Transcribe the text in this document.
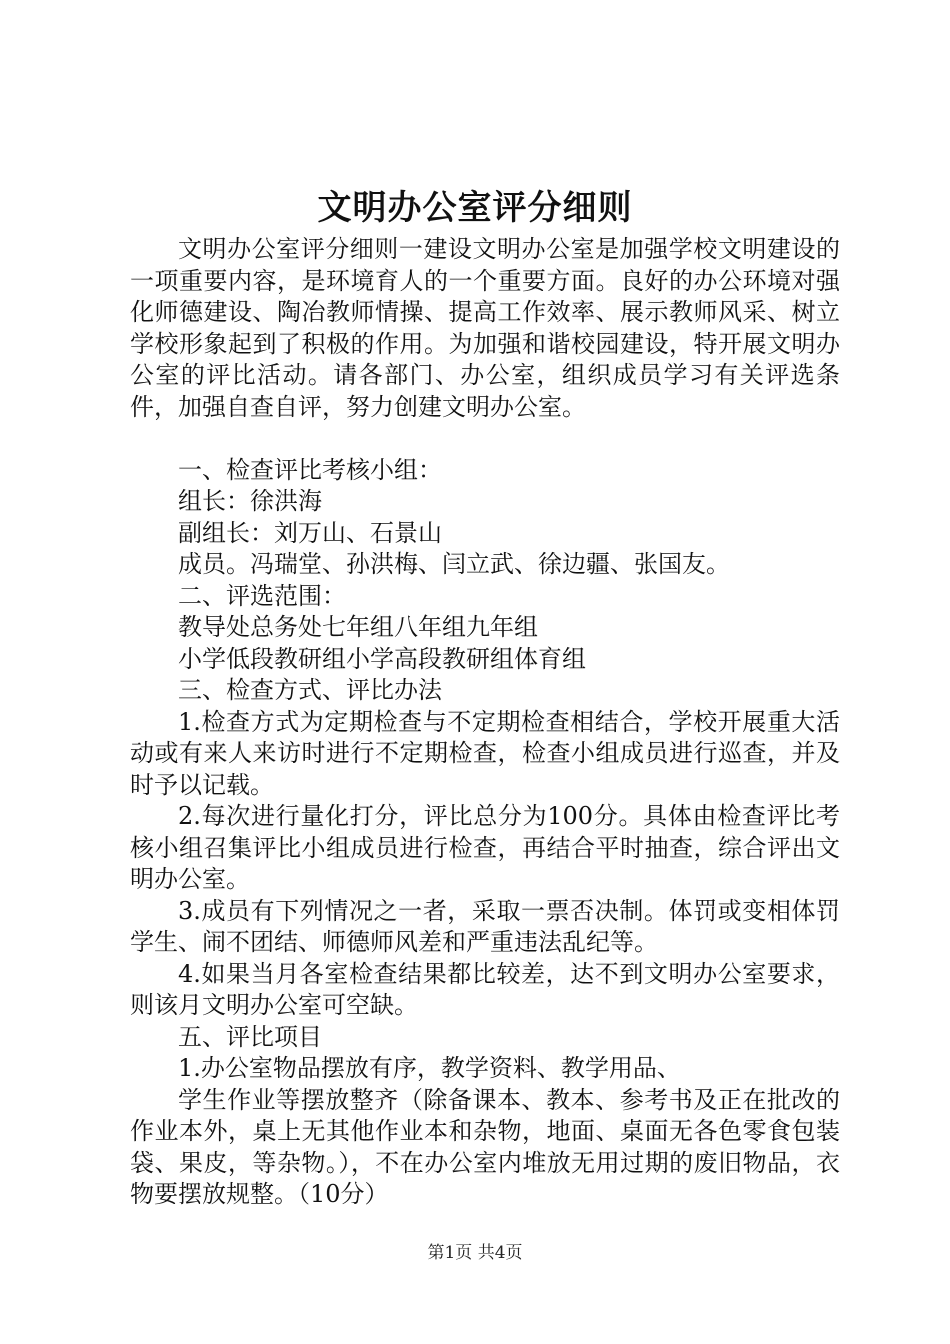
文明办公室评分细则

文明办公室评分细则一建设文明办公室是加强学校文明建设的一项重要内容，是环境育人的一个重要方面。良好的办公环境对强化师德建设、陶冶教师情操、提高工作效率、展示教师风采、树立学校形象起到了积极的作用。为加强和谐校园建设，特开展文明办公室的评比活动。请各部门、办公室，组织成员学习有关评选条件，加强自查自评，努力创建文明办公室。

一、检查评比考核小组：

组长：徐洪海

副组长：刘万山、石景山

成员。冯瑞堂、孙洪梅、闫立武、徐边疆、张国友。

二、评选范围：

教导处总务处七年组八年组九年组

小学低段教研组小学高段教研组体育组

三、检查方式、评比办法

1.检查方式为定期检查与不定期检查相结合，学校开展重大活动或有来人来访时进行不定期检查，检查小组成员进行巡查，并及时予以记载。

2.每次进行量化打分，评比总分为100分。具体由检查评比考核小组召集评比小组成员进行检查，再结合平时抽查，综合评出文明办公室。

3.成员有下列情况之一者，采取一票否决制。体罚或变相体罚学生、闹不团结、师德师风差和严重违法乱纪等。

4.如果当月各室检查结果都比较差，达不到文明办公室要求，则该月文明办公室可空缺。

五、评比项目

1.办公室物品摆放有序，教学资料、教学用品、

学生作业等摆放整齐（除备课本、教本、参考书及正在批改的作业本外，桌上无其他作业本和杂物，地面、桌面无各色零食包装袋、果皮，等杂物。），不在办公室内堆放无用过期的废旧物品，衣物要摆放规整。（10分）

第1页 共4页
